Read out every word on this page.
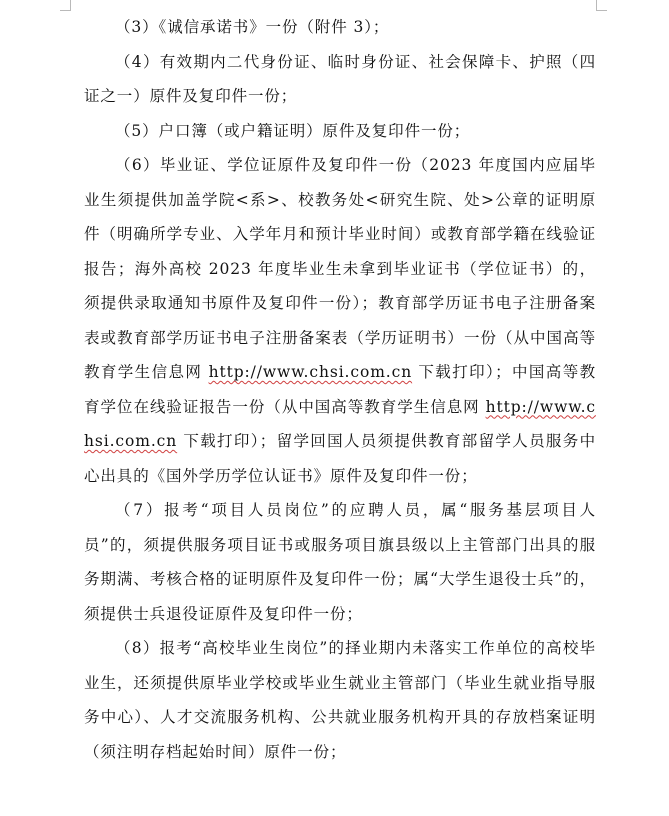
（3）《诚信承诺书》一份（附件 3）；

（4）有效期内二代身份证、临时身份证、社会保障卡、护照（四证之一）原件及复印件一份；

（5）户口簿（或户籍证明）原件及复印件一份；

（6）毕业证、学位证原件及复印件一份（2023 年度国内应届毕业生须提供加盖学院<系>、校教务处<研究生院、处>公章的证明原件（明确所学专业、入学年月和预计毕业时间）或教育部学籍在线验证报告；海外高校 2023 年度毕业生未拿到毕业证书（学位证书）的，须提供录取通知书原件及复印件一份）；教育部学历证书电子注册备案表或教育部学历证书电子注册备案表（学历证明书）一份（从中国高等教育学生信息网 http://www.chsi.com.cn 下载打印）；中国高等教育学位在线验证报告一份（从中国高等教育学生信息网 http://www.chsi.com.cn 下载打印）；留学回国人员须提供教育部留学人员服务中心出具的《国外学历学位认证书》原件及复印件一份；

（7）报考“项目人员岗位”的应聘人员，属“服务基层项目人员”的，须提供服务项目证书或服务项目旗县级以上主管部门出具的服务期满、考核合格的证明原件及复印件一份；属“大学生退役士兵”的，须提供士兵退役证原件及复印件一份；

（8）报考“高校毕业生岗位”的择业期内未落实工作单位的高校毕业生，还须提供原毕业学校或毕业生就业主管部门（毕业生就业指导服务中心）、人才交流服务机构、公共就业服务机构开具的存放档案证明（须注明存档起始时间）原件一份；
